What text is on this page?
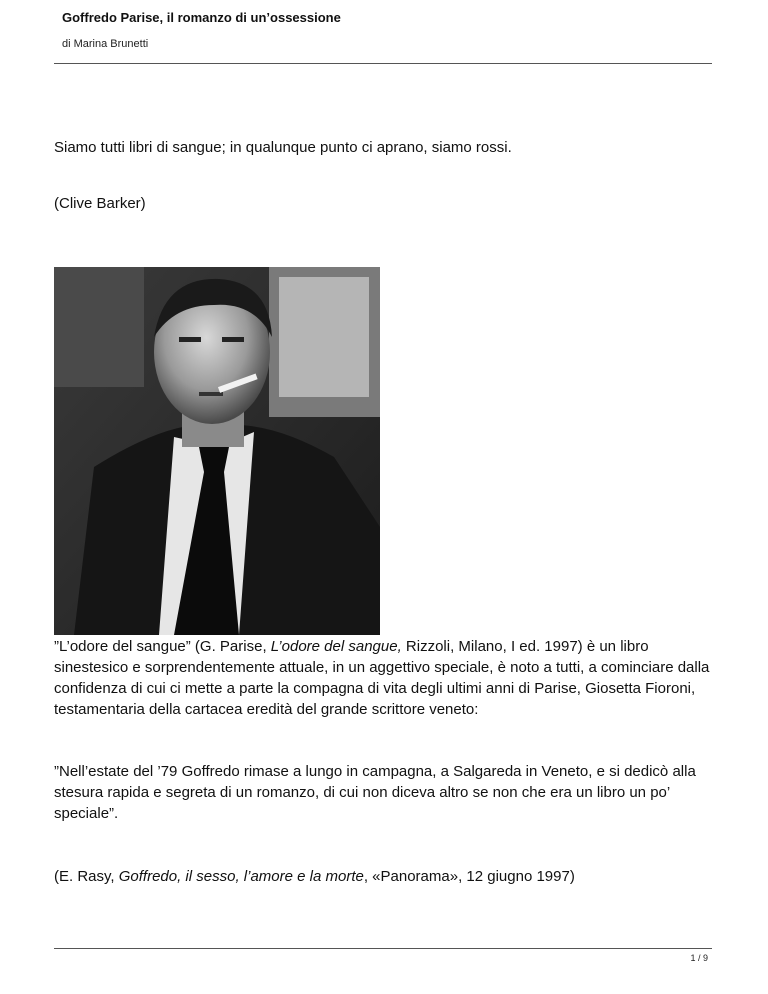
Goffredo Parise, il romanzo di un’ossessione
di Marina Brunetti

Siamo tutti libri di sangue; in qualunque punto ci aprano, siamo rossi.

(Clive Barker)

”L’odore del sangue” (G. Parise, L’odore del sangue, Rizzoli, Milano, I ed. 1997) è un libro sinestesico e sorprendentemente attuale, in un aggettivo speciale, è noto a tutti, a cominciare dalla confidenza di cui ci mette a parte la compagna di vita degli ultimi anni di Parise, Giosetta Fioroni, testamentaria della cartacea eredità del grande scrittore veneto:

”Nell’estate del ’79 Goffredo rimase a lungo in campagna, a Salgareda in Veneto, e si dedicò alla stesura rapida e segreta di un romanzo, di cui non diceva altro se non che era un libro un po’ speciale”.

(E. Rasy, Goffredo, il sesso, l’amore e la morte, «Panorama», 12 giugno 1997)

1 / 9
